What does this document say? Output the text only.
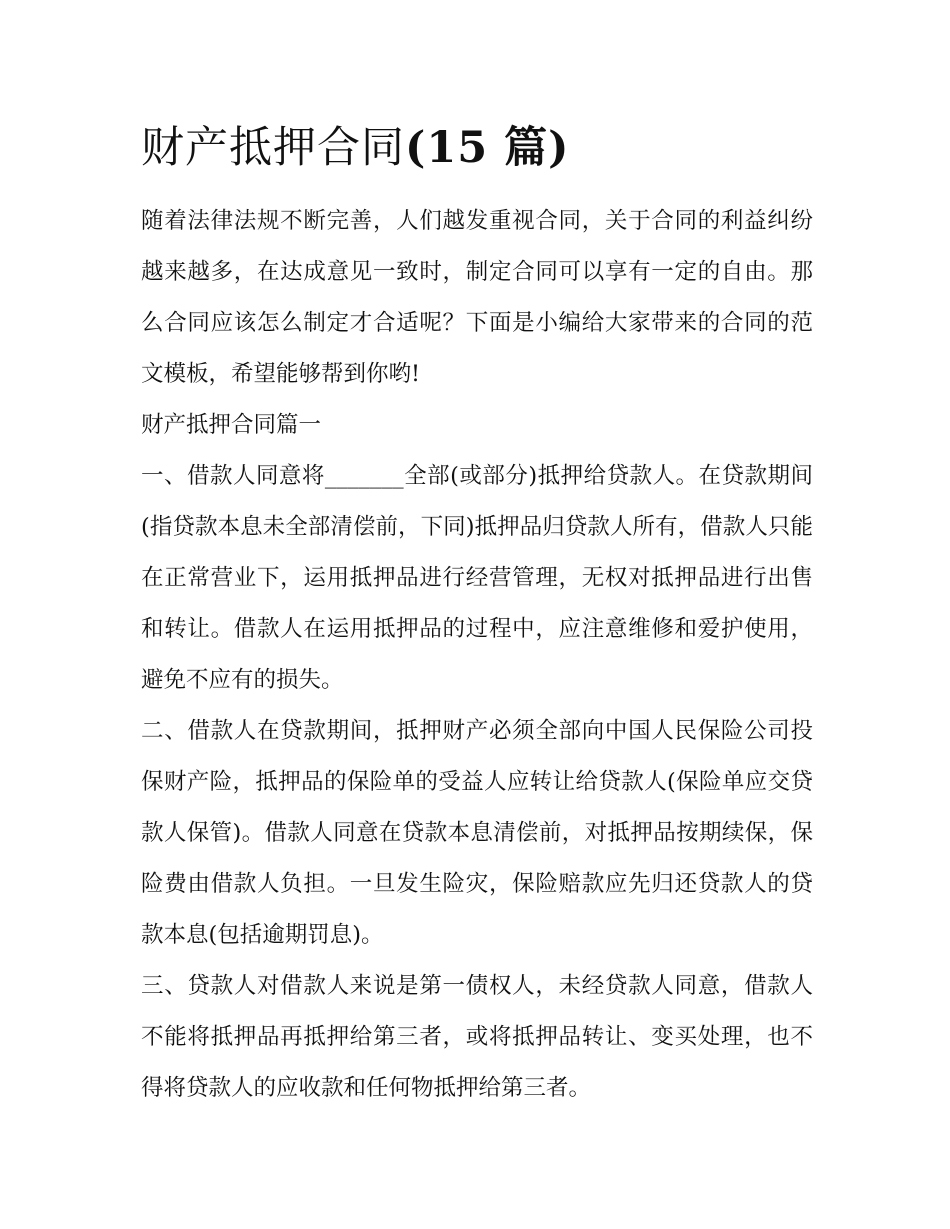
财产抵押合同(15 篇)

随着法律法规不断完善，人们越发重视合同，关于合同的利益纠纷越来越多，在达成意见一致时，制定合同可以享有一定的自由。那么合同应该怎么制定才合适呢？下面是小编给大家带来的合同的范文模板，希望能够帮到你哟!

财产抵押合同篇一

一、借款人同意将_______全部(或部分)抵押给贷款人。在贷款期间(指贷款本息未全部清偿前，下同)抵押品归贷款人所有，借款人只能在正常营业下，运用抵押品进行经营管理，无权对抵押品进行出售和转让。借款人在运用抵押品的过程中，应注意维修和爱护使用，避免不应有的损失。

二、借款人在贷款期间，抵押财产必须全部向中国人民保险公司投保财产险，抵押品的保险单的受益人应转让给贷款人(保险单应交贷款人保管)。借款人同意在贷款本息清偿前，对抵押品按期续保，保险费由借款人负担。一旦发生险灾，保险赔款应先归还贷款人的贷款本息(包括逾期罚息)。

三、贷款人对借款人来说是第一债权人，未经贷款人同意，借款人不能将抵押品再抵押给第三者，或将抵押品转让、变买处理，也不得将贷款人的应收款和任何物抵押给第三者。
